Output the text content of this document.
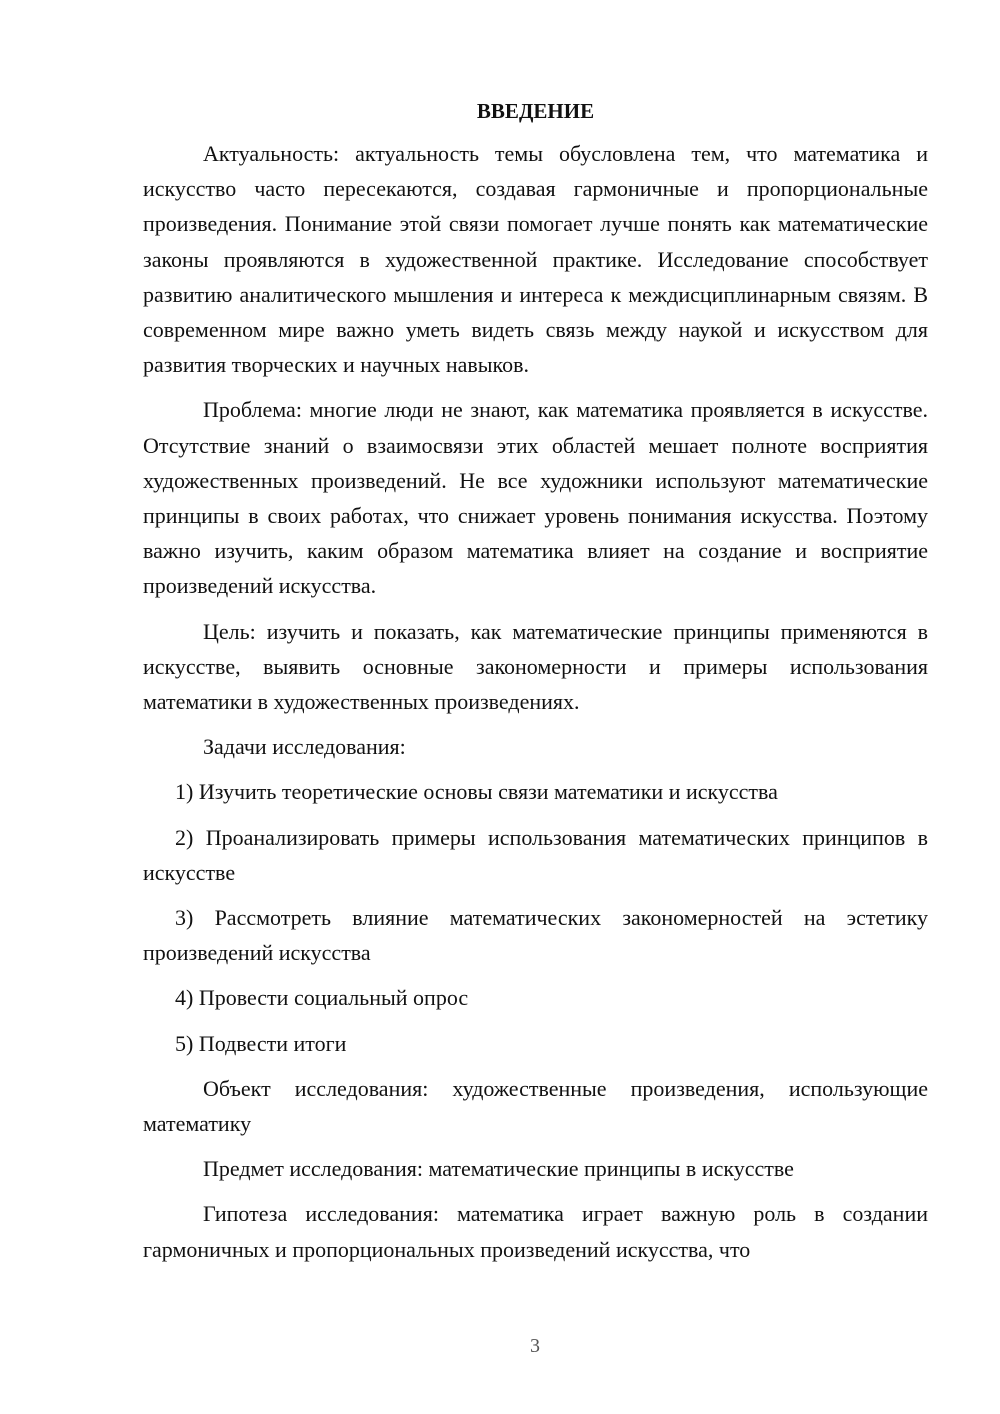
ВВЕДЕНИЕ

Актуальность: актуальность темы обусловлена тем, что математика и искусство часто пересекаются, создавая гармоничные и пропорциональные произведения. Понимание этой связи помогает лучше понять как математические законы проявляются в художественной практике. Исследование способствует развитию аналитического мышления и интереса к междисциплинарным связям. В современном мире важно уметь видеть связь между наукой и искусством для развития творческих и научных навыков.

Проблема: многие люди не знают, как математика проявляется в искусстве. Отсутствие знаний о взаимосвязи этих областей мешает полноте восприятия художественных произведений. Не все художники используют математические принципы в своих работах, что снижает уровень понимания искусства. Поэтому важно изучить, каким образом математика влияет на создание и восприятие произведений искусства.

Цель: изучить и показать, как математические принципы применяются в искусстве, выявить основные закономерности и примеры использования математики в художественных произведениях.

Задачи исследования:

1) Изучить теоретические основы связи математики и искусства

2) Проанализировать примеры использования математических принципов в искусстве

3) Рассмотреть влияние математических закономерностей на эстетику произведений искусства

4) Провести социальный опрос

5) Подвести итоги

Объект исследования: художественные произведения, использующие математику

Предмет исследования: математические принципы в искусстве

Гипотеза исследования: математика играет важную роль в создании гармоничных и пропорциональных произведений искусства, что

3
